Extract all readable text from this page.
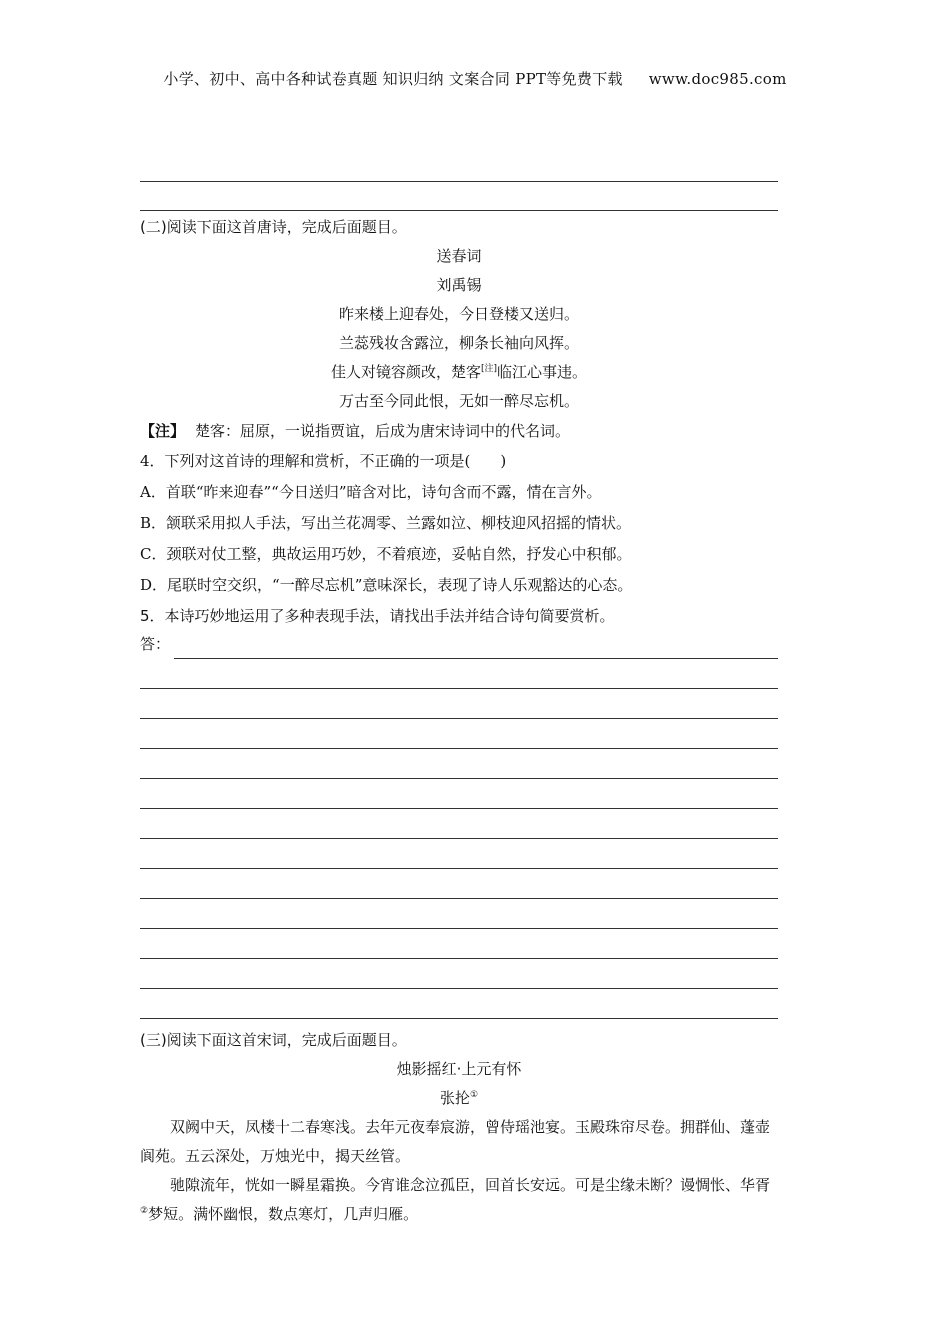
小学、初中、高中各种试卷真题 知识归纳 文案合同 PPT等免费下载 www.doc985.com
(二)阅读下面这首唐诗，完成后面题目。
送春词
刘禹锡
昨来楼上迎春处，今日登楼又送归。
兰蕊残妆含露泣，柳条长袖向风挥。
佳人对镜容颜改，楚客[注]临江心事违。
万古至今同此恨，无如一醉尽忘机。
【注】 楚客：屈原，一说指贾谊，后成为唐宋诗词中的代名词。
4．下列对这首诗的理解和赏析，不正确的一项是(　　)
A．首联“昨来迎春”“今日送归”暗含对比，诗句含而不露，情在言外。
B．颔联采用拟人手法，写出兰花凋零、兰露如泣、柳枝迎风招摇的情状。
C．颈联对仗工整，典故运用巧妙，不着痕迹，妥帖自然，抒发心中积郁。
D．尾联时空交织，“一醉尽忘机”意味深长，表现了诗人乐观豁达的心态。
5．本诗巧妙地运用了多种表现手法，请找出手法并结合诗句简要赏析。
答：
(三)阅读下面这首宋词，完成后面题目。
烛影摇红·上元有怀
张抡①
双阙中天，凤楼十二春寒浅。去年元夜奉宸游，曾侍瑶池宴。玉殿珠帘尽卷。拥群仙、蓬壶阆苑。五云深处，万烛光中，揭天丝管。
驰隙流年，恍如一瞬星霜换。今宵谁念泣孤臣，回首长安远。可是尘缘未断？谩惆怅、华胥②梦短。满怀幽恨，数点寒灯，几声归雁。
